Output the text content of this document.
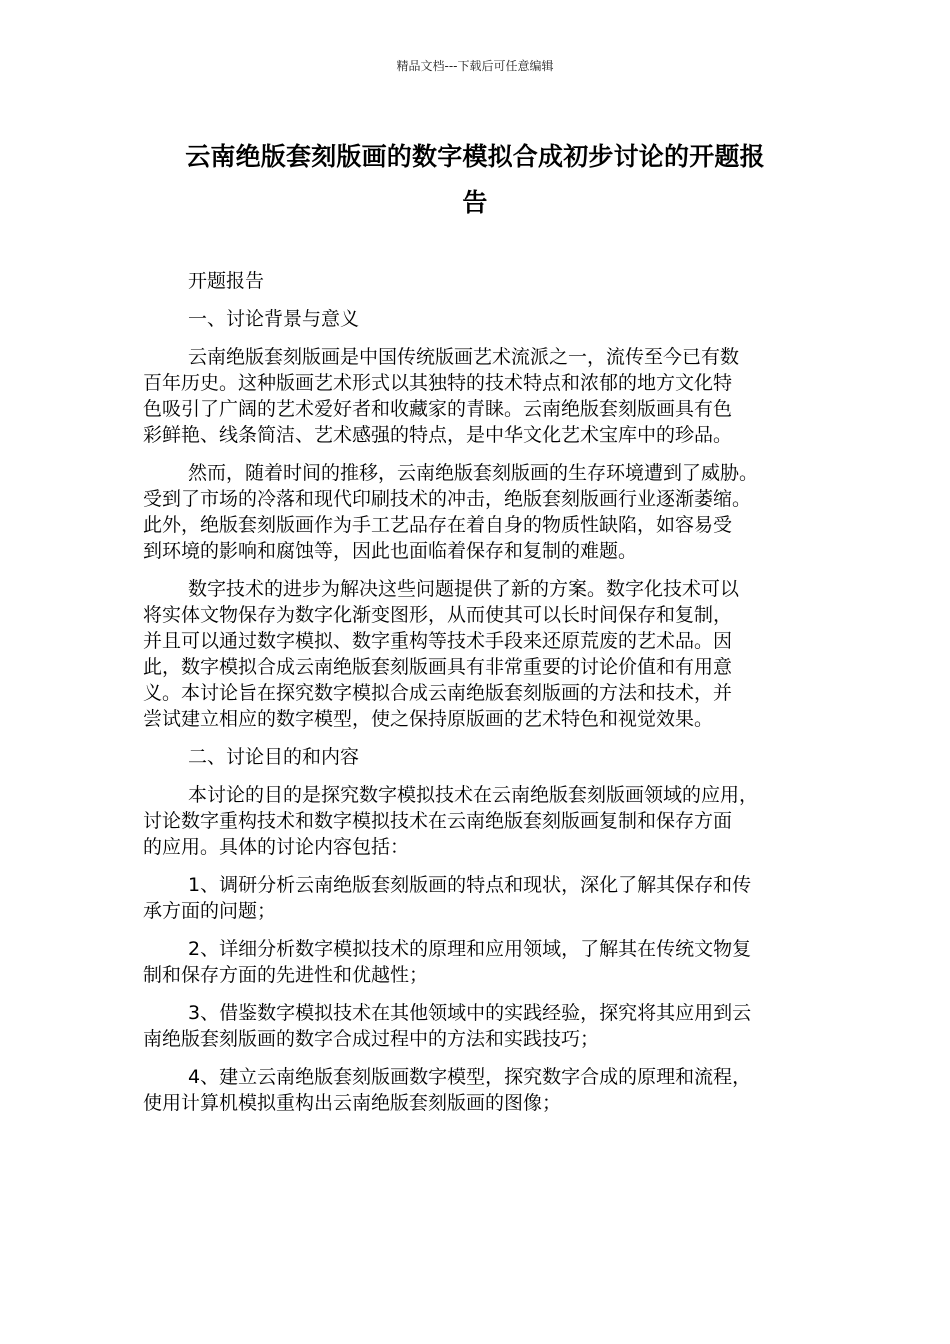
精品文档---下载后可任意编辑
云南绝版套刻版画的数字模拟合成初步讨论的开题报
告

开题报告

一、讨论背景与意义

云南绝版套刻版画是中国传统版画艺术流派之一，流传至今已有数
百年历史。这种版画艺术形式以其独特的技术特点和浓郁的地方文化特
色吸引了广阔的艺术爱好者和收藏家的青睐。云南绝版套刻版画具有色
彩鲜艳、线条简洁、艺术感强的特点，是中华文化艺术宝库中的珍品。

然而，随着时间的推移，云南绝版套刻版画的生存环境遭到了威胁。
受到了市场的冷落和现代印刷技术的冲击，绝版套刻版画行业逐渐萎缩。
此外，绝版套刻版画作为手工艺品存在着自身的物质性缺陷，如容易受
到环境的影响和腐蚀等，因此也面临着保存和复制的难题。

数字技术的进步为解决这些问题提供了新的方案。数字化技术可以
将实体文物保存为数字化渐变图形，从而使其可以长时间保存和复制，
并且可以通过数字模拟、数字重构等技术手段来还原荒废的艺术品。因
此，数字模拟合成云南绝版套刻版画具有非常重要的讨论价值和有用意
义。本讨论旨在探究数字模拟合成云南绝版套刻版画的方法和技术，并
尝试建立相应的数字模型，使之保持原版画的艺术特色和视觉效果。

二、讨论目的和内容

本讨论的目的是探究数字模拟技术在云南绝版套刻版画领域的应用，
讨论数字重构技术和数字模拟技术在云南绝版套刻版画复制和保存方面
的应用。具体的讨论内容包括：

1、调研分析云南绝版套刻版画的特点和现状，深化了解其保存和传
承方面的问题；

2、详细分析数字模拟技术的原理和应用领域，了解其在传统文物复
制和保存方面的先进性和优越性；

3、借鉴数字模拟技术在其他领域中的实践经验，探究将其应用到云
南绝版套刻版画的数字合成过程中的方法和实践技巧；

4、建立云南绝版套刻版画数字模型，探究数字合成的原理和流程，
使用计算机模拟重构出云南绝版套刻版画的图像；
